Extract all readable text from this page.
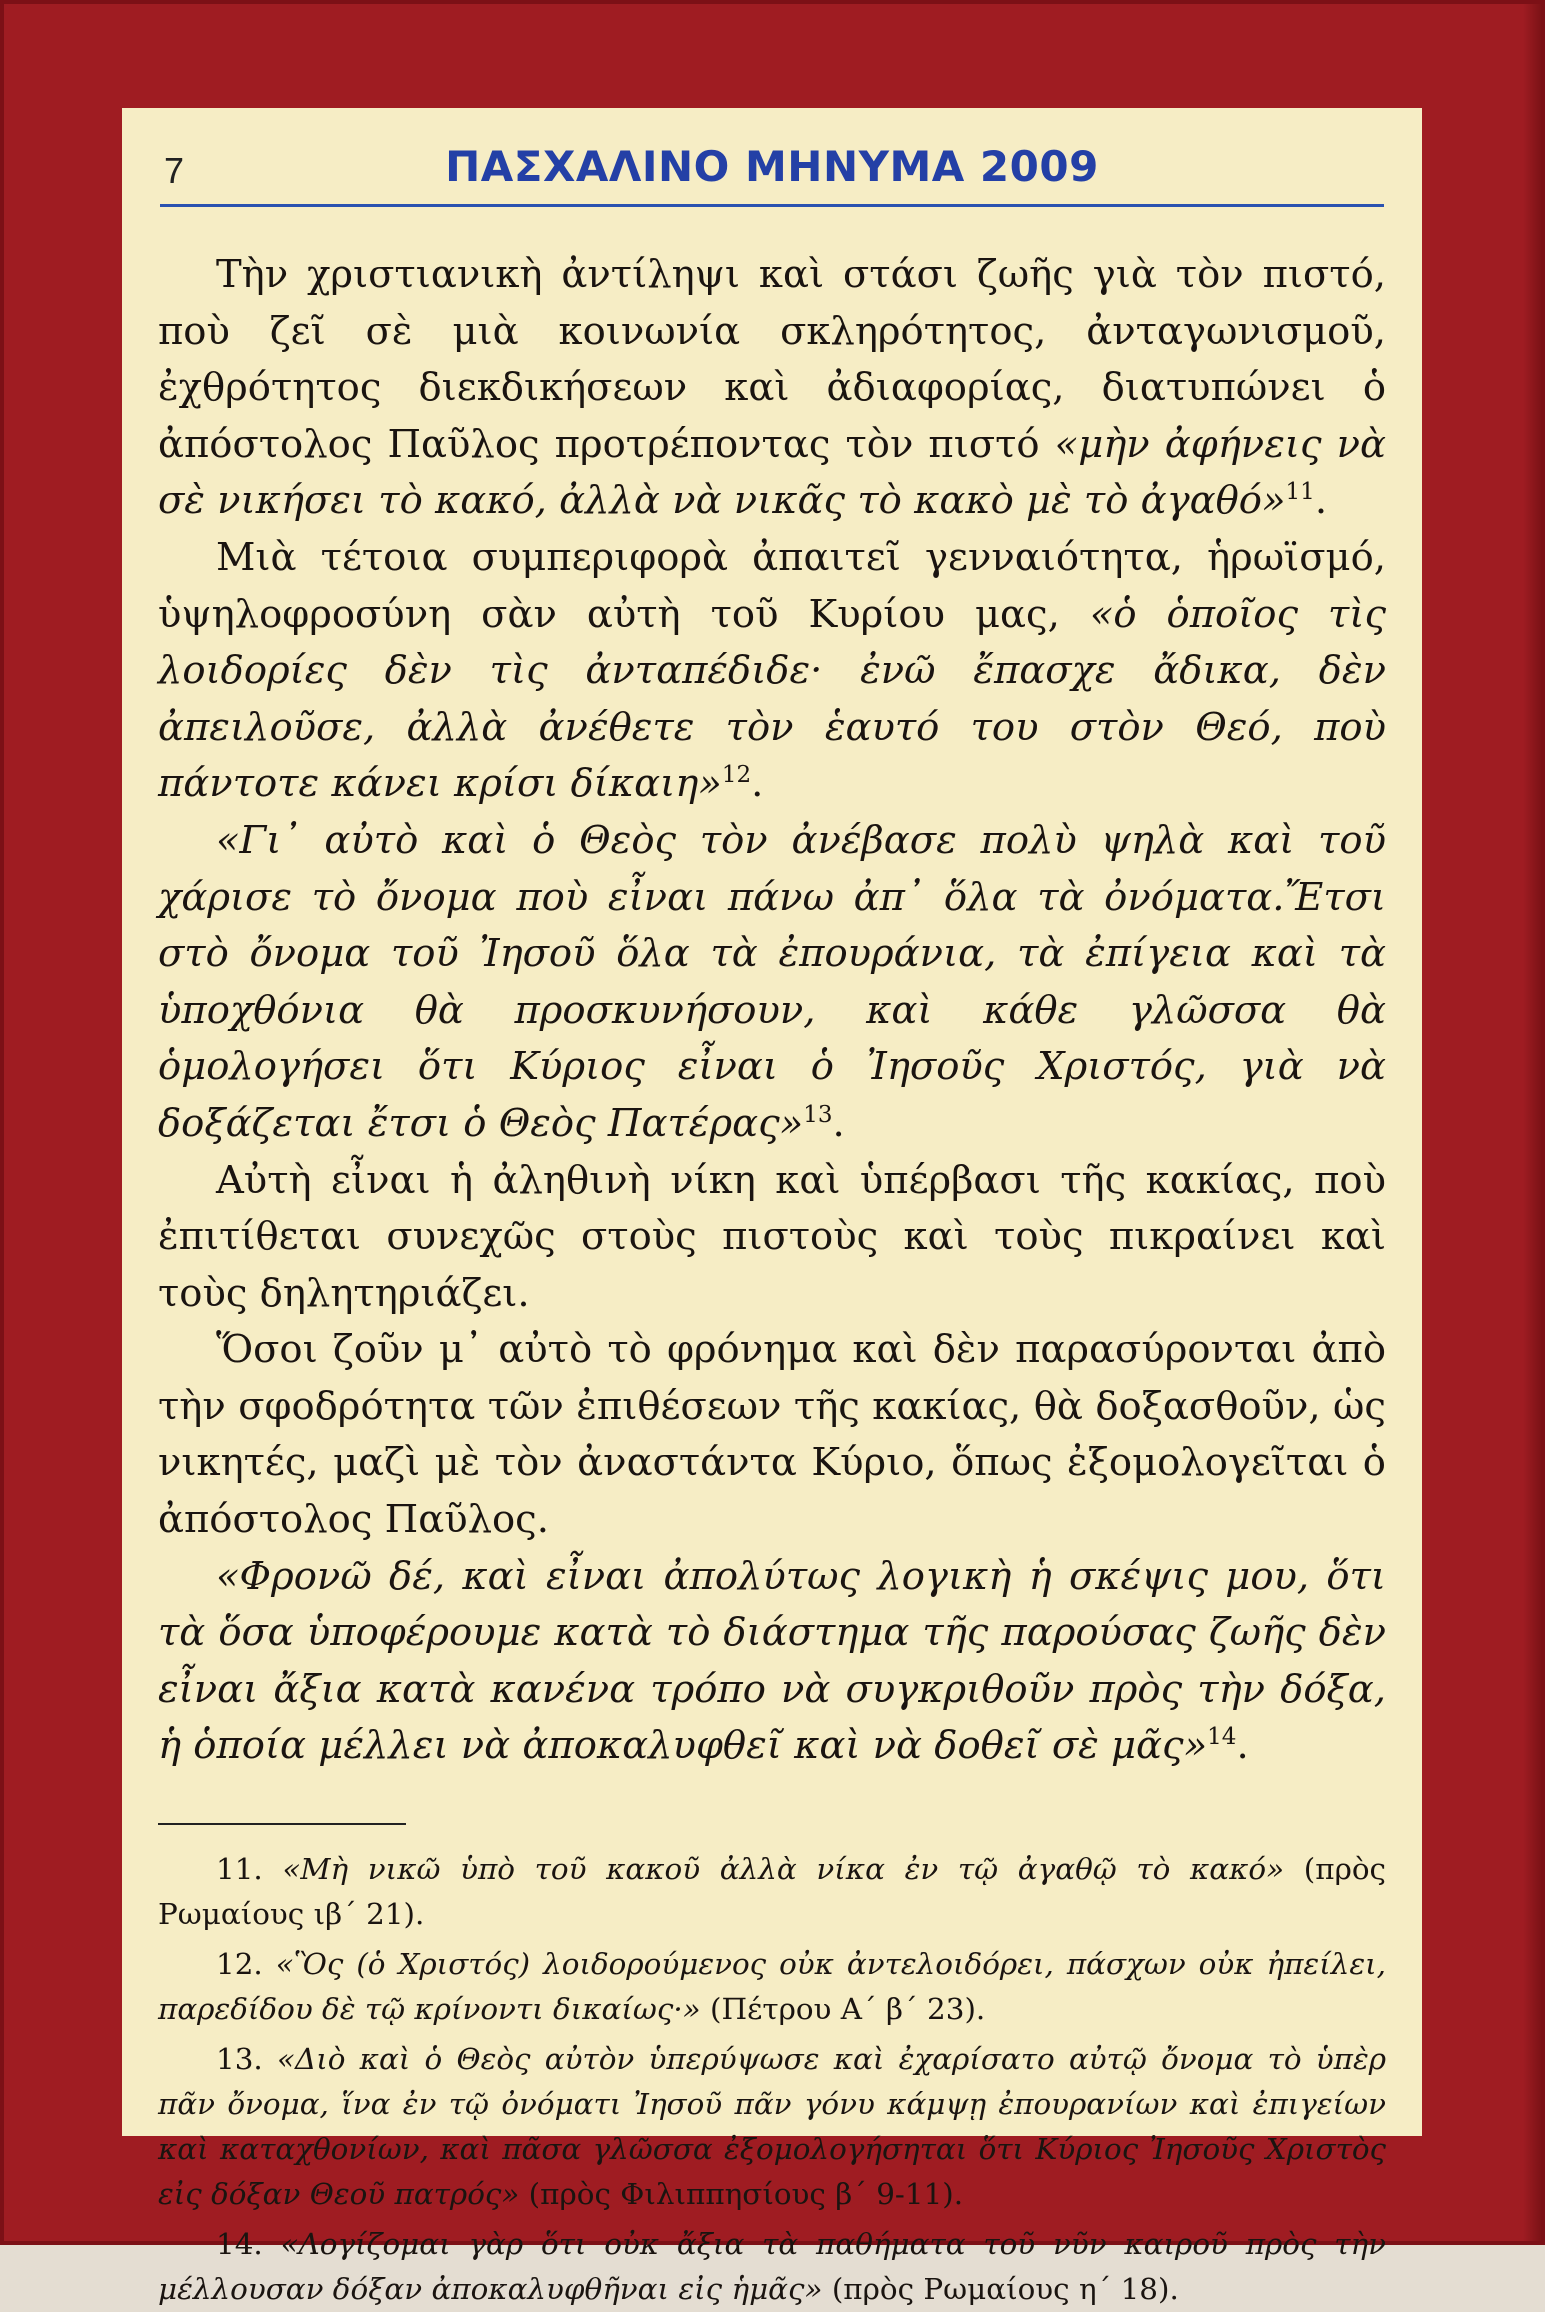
7	ΠΑΣΧΑΛΙΝΟ ΜΗΝΥΜΑ 2009

Τὴν χριστιανικὴ ἀντίληψι καὶ στάσι ζωῆς γιὰ τὸν πιστό, ποὺ ζεῖ σὲ μιὰ κοινωνία σκληρότητος, ἀνταγωνισμοῦ, ἐχθρότητος διεκδικήσεων καὶ ἀδιαφορίας, διατυπώνει ὁ ἀπόστολος Παῦλος προτρέποντας τὸν πιστό «μὴν ἀφήνεις νὰ σὲ νικήσει τὸ κακό, ἀλλὰ νὰ νικᾶς τὸ κακὸ μὲ τὸ ἀγαθό»$^{11}$.

Μιὰ τέτοια συμπεριφορὰ ἀπαιτεῖ γενναιότητα, ἡρωϊσμό, ὑψηλοφροσύνη σὰν αὐτὴ τοῦ Κυρίου μας, «ὁ ὁποῖος τὶς λοιδορίες δὲν τὶς ἀνταπέδιδε· ἐνῶ ἔπασχε ἄδικα, δὲν ἀπειλοῦσε, ἀλλὰ ἀνέθετε τὸν ἑαυτό του στὸν Θεό, ποὺ πάντοτε κάνει κρίσι δίκαιη»$^{12}$.

«Γι᾽ αὐτὸ καὶ ὁ Θεὸς τὸν ἀνέβασε πολὺ ψηλὰ καὶ τοῦ χάρισε τὸ ὄνομα ποὺ εἶναι πάνω ἀπ᾽ ὅλα τὰ ὀνόματα.Ἔτσι στὸ ὄνομα τοῦ Ἰησοῦ ὅλα τὰ ἐπουράνια, τὰ ἐπίγεια καὶ τὰ ὑποχθόνια θὰ προσκυνήσουν, καὶ κάθε γλῶσσα θὰ ὁμολογήσει ὅτι Κύριος εἶναι ὁ Ἰησοῦς Χριστός, γιὰ νὰ δοξάζεται ἔτσι ὁ Θεὸς Πατέρας»$^{13}$.

Αὐτὴ εἶναι ἡ ἀληθινὴ νίκη καὶ ὑπέρβασι τῆς κακίας, ποὺ ἐπιτίθεται συνεχῶς στοὺς πιστοὺς καὶ τοὺς πικραίνει καὶ τοὺς δηλητηριάζει.

Ὅσοι ζοῦν μ᾽ αὐτὸ τὸ φρόνημα καὶ δὲν παρασύρονται ἀπὸ τὴν σφοδρότητα τῶν ἐπιθέσεων τῆς κακίας, θὰ δοξασθοῦν, ὡς νικητές, μαζὶ μὲ τὸν ἀναστάντα Κύριο, ὅπως ἐξομολογεῖται ὁ ἀπόστολος Παῦλος.

«Φρονῶ δέ, καὶ εἶναι ἀπολύτως λογικὴ ἡ σκέψις μου, ὅτι τὰ ὅσα ὑποφέρουμε κατὰ τὸ διάστημα τῆς παρούσας ζωῆς δὲν εἶναι ἄξια κατὰ κανένα τρόπο νὰ συγκριθοῦν πρὸς τὴν δόξα, ἡ ὁποία μέλλει νὰ ἀποκαλυφθεῖ καὶ νὰ δοθεῖ σὲ μᾶς»$^{14}$.

11. «Μὴ νικῶ ὑπὸ τοῦ κακοῦ ἀλλὰ νίκα ἐν τῷ ἀγαθῷ τὸ κακό» (πρὸς Ρωμαίους ιβ΄ 21).

12. «Ὃς (ὁ Χριστός) λοιδορούμενος οὐκ ἀντελοιδόρει, πάσχων οὐκ ἠπείλει, παρεδίδου δὲ τῷ κρίνοντι δικαίως·» (Πέτρου Α΄ β΄ 23).

13. «Διὸ καὶ ὁ Θεὸς αὐτὸν ὑπερύψωσε καὶ ἐχαρίσατο αὐτῷ ὄνομα τὸ ὑπὲρ πᾶν ὄνομα, ἵνα ἐν τῷ ὀνόματι Ἰησοῦ πᾶν γόνυ κάμψῃ ἐπουρανίων καὶ ἐπιγείων καὶ καταχθονίων, καὶ πᾶσα γλῶσσα ἐξομολογήσηται ὅτι Κύριος Ἰησοῦς Χριστὸς εἰς δόξαν Θεοῦ πατρός» (πρὸς Φιλιππησίους β΄ 9-11).

14. «Λογίζομαι γὰρ ὅτι οὐκ ἄξια τὰ παθήματα τοῦ νῦν καιροῦ πρὸς τὴν μέλλουσαν δόξαν ἀποκαλυφθῆναι εἰς ἡμᾶς» (πρὸς Ρωμαίους η΄ 18).
